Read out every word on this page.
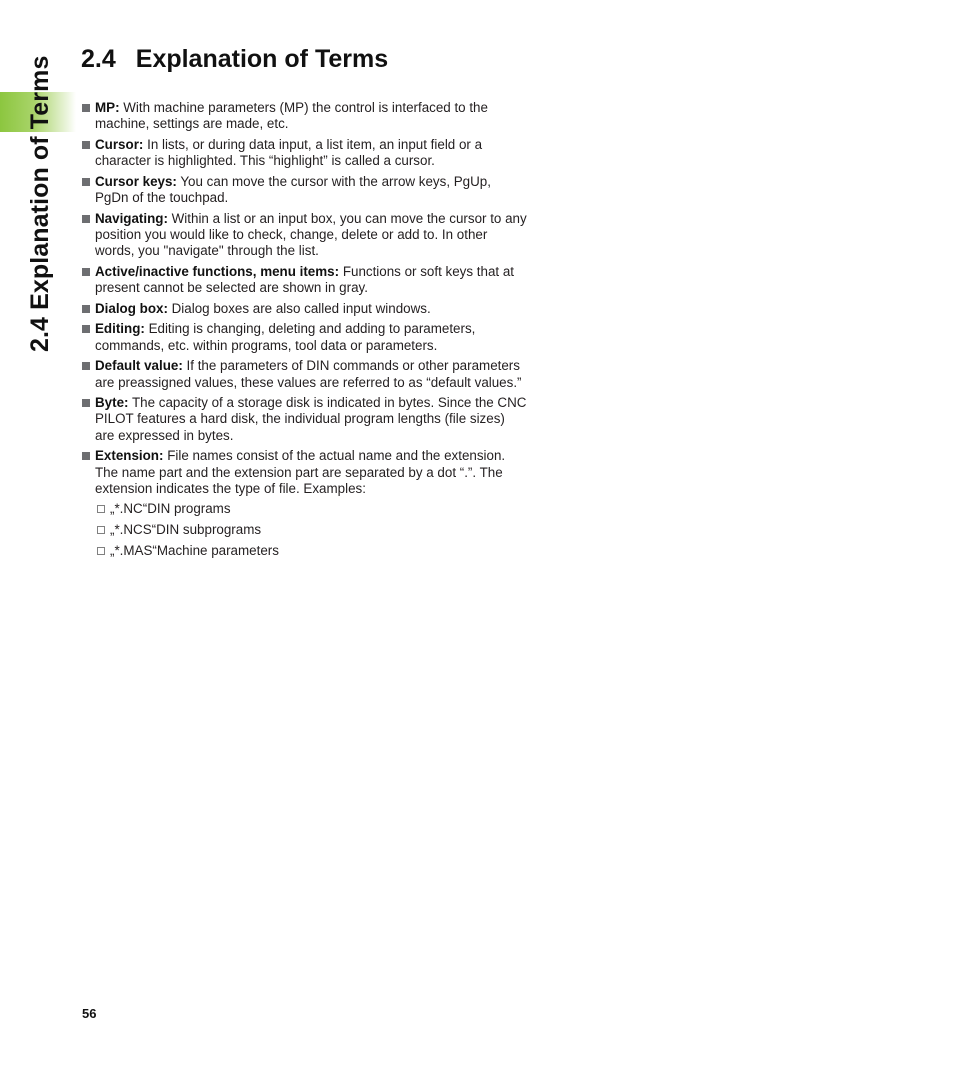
2.4 Explanation of Terms 2.4 Explanation of Terms
MP: With machine parameters (MP) the control is interfaced to the machine, settings are made, etc.
Cursor: In lists, or during data input, a list item, an input field or a character is highlighted. This “highlight” is called a cursor.
Cursor keys: You can move the cursor with the arrow keys, PgUp, PgDn of the touchpad.
Navigating: Within a list or an input box, you can move the cursor to any position you would like to check, change, delete or add to. In other words, you "navigate" through the list.
Active/inactive functions, menu items: Functions or soft keys that at present cannot be selected are shown in gray.
Dialog box: Dialog boxes are also called input windows.
Editing: Editing is changing, deleting and adding to parameters, commands, etc. within programs, tool data or parameters.
Default value: If the parameters of DIN commands or other parameters are preassigned values, these values are referred to as “default values.”
Byte: The capacity of a storage disk is indicated in bytes. Since the CNC PILOT features a hard disk, the individual program lengths (file sizes) are expressed in bytes.
Extension: File names consist of the actual name and the extension. The name part and the extension part are separated by a dot “.”. The extension indicates the type of file. Examples:
„*.NC“DIN programs
„*.NCS“DIN subprograms
„*.MAS“Machine parameters
56
